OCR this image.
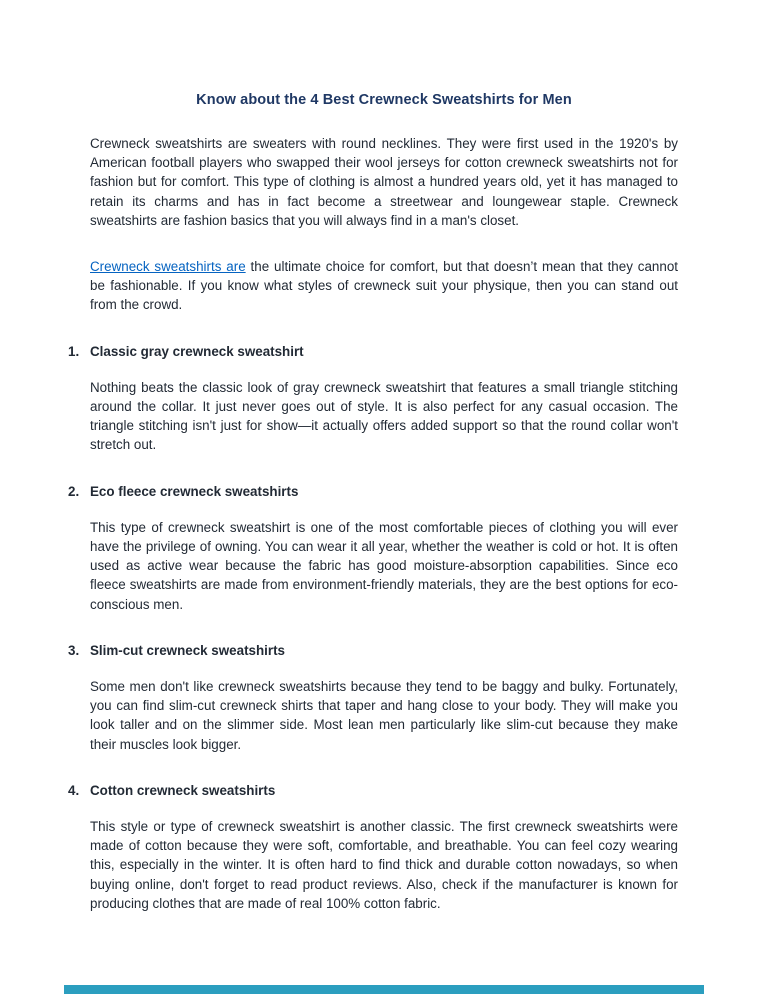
Know about the 4 Best Crewneck Sweatshirts for Men

Crewneck sweatshirts are sweaters with round necklines. They were first used in the 1920's by American football players who swapped their wool jerseys for cotton crewneck sweatshirts not for fashion but for comfort. This type of clothing is almost a hundred years old, yet it has managed to retain its charms and has in fact become a streetwear and loungewear staple. Crewneck sweatshirts are fashion basics that you will always find in a man's closet.

Crewneck sweatshirts are the ultimate choice for comfort, but that doesn’t mean that they cannot be fashionable. If you know what styles of crewneck suit your physique, then you can stand out from the crowd.

1. Classic gray crewneck sweatshirt

Nothing beats the classic look of gray crewneck sweatshirt that features a small triangle stitching around the collar. It just never goes out of style. It is also perfect for any casual occasion. The triangle stitching isn't just for show—it actually offers added support so that the round collar won't stretch out.

2. Eco fleece crewneck sweatshirts

This type of crewneck sweatshirt is one of the most comfortable pieces of clothing you will ever have the privilege of owning. You can wear it all year, whether the weather is cold or hot. It is often used as active wear because the fabric has good moisture-absorption capabilities. Since eco fleece sweatshirts are made from environment-friendly materials, they are the best options for eco-conscious men.

3. Slim-cut crewneck sweatshirts

Some men don't like crewneck sweatshirts because they tend to be baggy and bulky. Fortunately, you can find slim-cut crewneck shirts that taper and hang close to your body. They will make you look taller and on the slimmer side. Most lean men particularly like slim-cut because they make their muscles look bigger.

4. Cotton crewneck sweatshirts

This style or type of crewneck sweatshirt is another classic. The first crewneck sweatshirts were made of cotton because they were soft, comfortable, and breathable. You can feel cozy wearing this, especially in the winter. It is often hard to find thick and durable cotton nowadays, so when buying online, don't forget to read product reviews. Also, check if the manufacturer is known for producing clothes that are made of real 100% cotton fabric.
